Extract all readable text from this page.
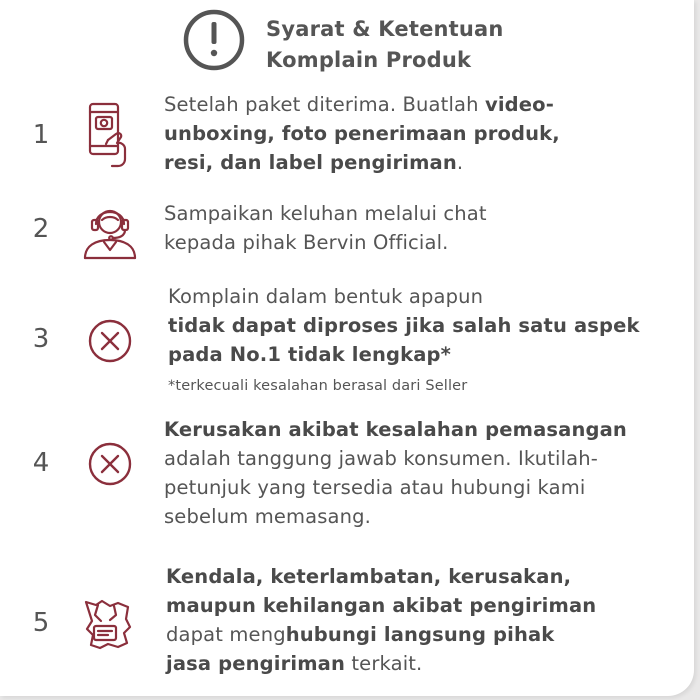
Syarat & Ketentuan
Komplain Produk
1
Setelah paket diterima. Buatlah video-
unboxing, foto penerimaan produk,
resi, dan label pengiriman.
2
Sampaikan keluhan melalui chat
kepada pihak Bervin Official.
3
Komplain dalam bentuk apapun
tidak dapat diproses jika salah satu aspek
pada No.1 tidak lengkap*
*terkecuali kesalahan berasal dari Seller
4
Kerusakan akibat kesalahan pemasangan
adalah tanggung jawab konsumen. Ikutilah-
petunjuk yang tersedia atau hubungi kami
sebelum memasang.
5
Kendala, keterlambatan, kerusakan,
maupun kehilangan akibat pengiriman
dapat menghubungi langsung pihak
jasa pengiriman terkait.
